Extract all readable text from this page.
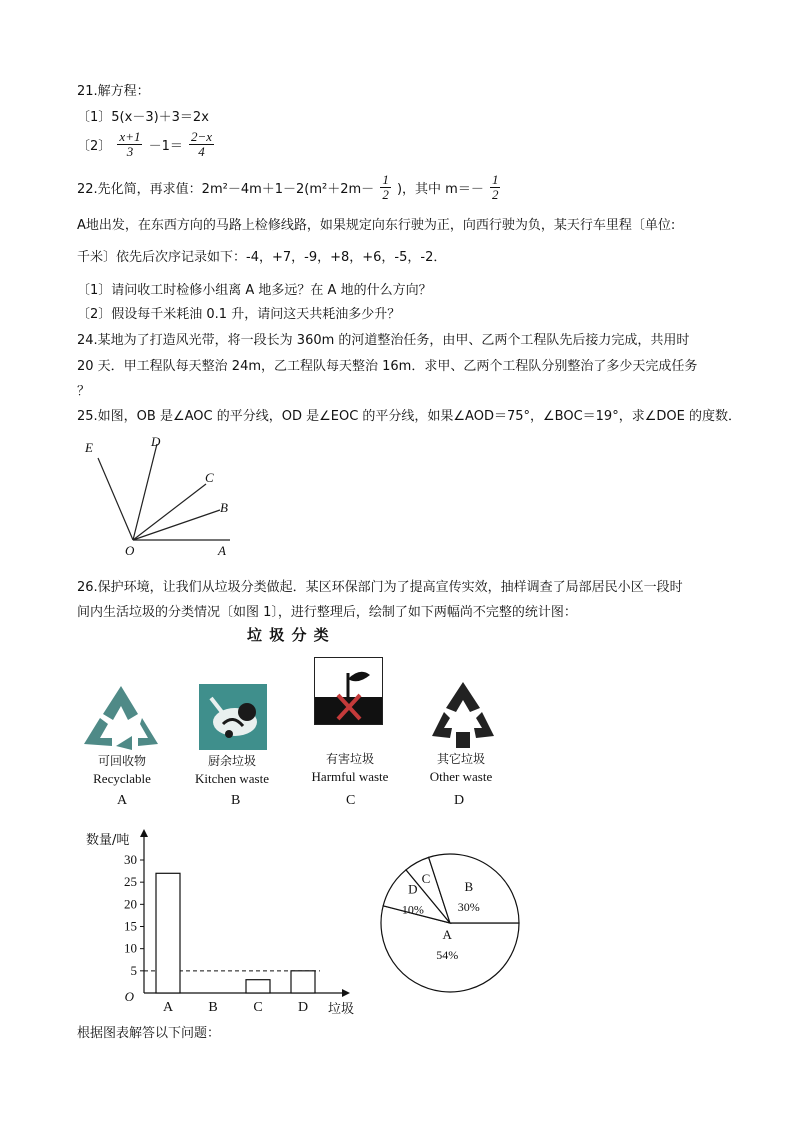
21.解方程：
〔1〕5(x－3)＋3＝2x
〔2〕 $\frac{x+1}{3} -1= \frac{2-x}{4}$
22.先化简，再求值：$2m^2-4m+1-2(m^2+2m- \frac{1}{2}$ )，其中 $m=- \frac{1}{2}$
A地出发，在东西方向的马路上检修线路，如果规定向东行驶为正，向西行驶为负，某天行车里程〔单位:
千米〕依先后次序记录如下：-4，+7，-9，+8，+6，-5，-2．
〔1〕请问收工时检修小组离 A 地多远？在 A 地的什么方向？
〔2〕假设每千米耗油 0.1 升，请问这天共耗油多少升？
24.某地为了打造风光带，将一段长为 360m 的河道整治任务，由甲、乙两个工程队先后接力完成，共用时
20 天．甲工程队每天整治 24m，乙工程队每天整治 16m．求甲、乙两个工程队分别整治了多少天完成任务
？
25.如图，OB 是∠AOC 的平分线，OD 是∠EOC 的平分线，如果∠AOD＝75°，∠BOC＝19°，求∠DOE 的度数．
E	D
C
B
O	A
26.保护环境，让我们从垃圾分类做起．某区环保部门为了提高宣传实效，抽样调查了局部居民小区一段时
间内生活垃圾的分类情况〔如图 1〕，进行整理后，绘制了如下两幅尚不完整的统计图：
垃 圾 分 类
可回收物
Recyclable
厨余垃圾
Kitchen waste
有害垃圾
Harmful waste
其它垃圾
Other waste
A	B	C	D
5
10
15
20
25
30
O
数量/吨
垃圾
A	B	C	D
A
54%
D
10%
C
B
30%
根据图表解答以下问题：
